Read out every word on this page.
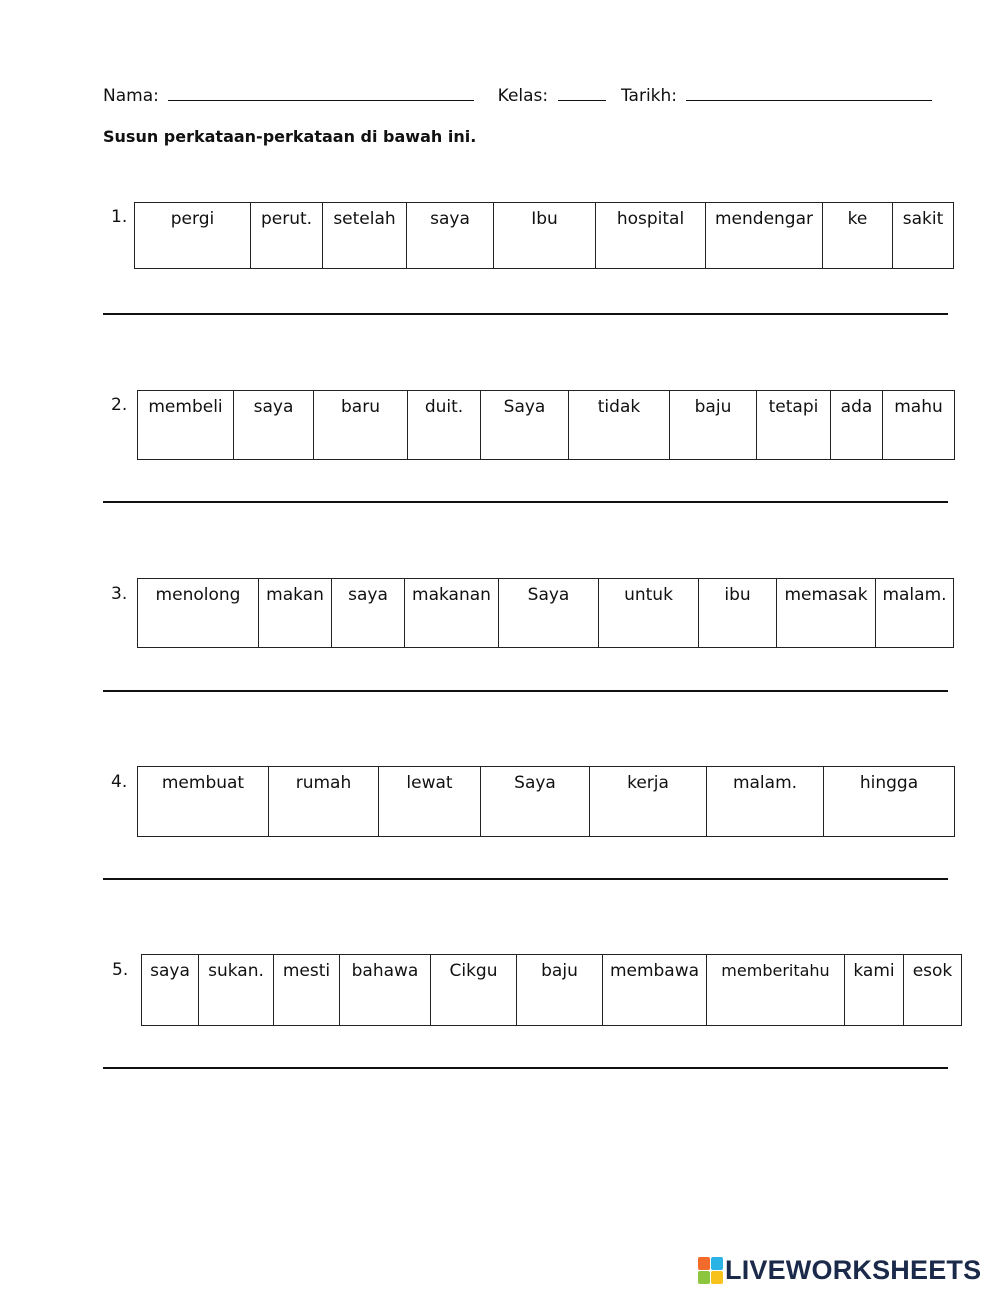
Nama:	Kelas:	Tarikh:
Susun perkataan-perkataan di bawah ini.
1.	pergi	perut.	setelah	saya	Ibu	hospital	mendengar	ke	sakit
2. membeli	saya	baru	duit.	Saya	tidak	baju	tetapi	ada	mahu
3. menolong	makan	saya	makanan	Saya	untuk	ibu	memasak	malam.
4. membuat	rumah	lewat	Saya	kerja	malam.	hingga
5. saya	sukan.	mesti	bahawa	Cikgu	baju	membawa	memberitahu	kami	esok
LIVEWORKSHEETS
